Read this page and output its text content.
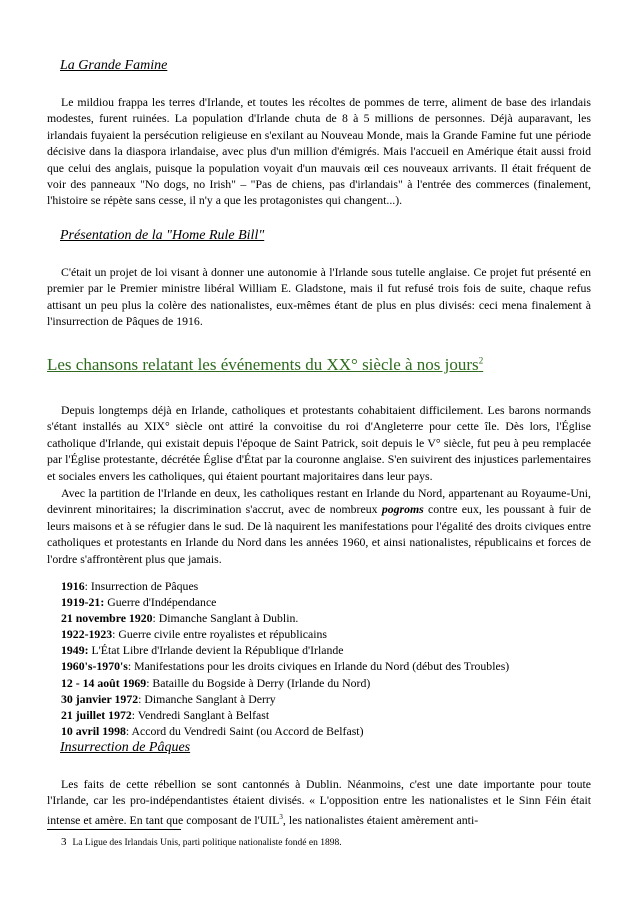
La Grande Famine

Le mildiou frappa les terres d'Irlande, et toutes les récoltes de pommes de terre, aliment de base des irlandais modestes, furent ruinées. La population d'Irlande chuta de 8 à 5 millions de personnes. Déjà auparavant, les irlandais fuyaient la persécution religieuse en s'exilant au Nouveau Monde, mais la Grande Famine fut une période décisive dans la diaspora irlandaise, avec plus d'un million d'émigrés. Mais l'accueil en Amérique était aussi froid que celui des anglais, puisque la population voyait d'un mauvais œil ces nouveaux arrivants. Il était fréquent de voir des panneaux "No dogs, no Irish" – "Pas de chiens, pas d'irlandais" à l'entrée des commerces (finalement, l'histoire se répète sans cesse, il n'y a que les protagonistes qui changent...).

Présentation de la "Home Rule Bill"

C'était un projet de loi visant à donner une autonomie à l'Irlande sous tutelle anglaise. Ce projet fut présenté en premier par le Premier ministre libéral William E. Gladstone, mais il fut refusé trois fois de suite, chaque refus attisant un peu plus la colère des nationalistes, eux-mêmes étant de plus en plus divisés: ceci mena finalement à l'insurrection de Pâques de 1916.

Les chansons relatant les événements du XX° siècle à nos jours$^2$

Depuis longtemps déjà en Irlande, catholiques et protestants cohabitaient difficilement. Les barons normands s'étant installés au XIX° siècle ont attiré la convoitise du roi d'Angleterre pour cette île. Dès lors, l'Église catholique d'Irlande, qui existait depuis l'époque de Saint Patrick, soit depuis le V° siècle, fut peu à peu remplacée par l'Église protestante, décrétée Église d'État par la couronne anglaise. S'en suivirent des injustices parlementaires et sociales envers les catholiques, qui étaient pourtant majoritaires dans leur pays.

Avec la partition de l'Irlande en deux, les catholiques restant en Irlande du Nord, appartenant au Royaume-Uni, devinrent minoritaires; la discrimination s'accrut, avec de nombreux pogroms contre eux, les poussant à fuir de leurs maisons et à se réfugier dans le sud. De là naquirent les manifestations pour l'égalité des droits civiques entre catholiques et protestants en Irlande du Nord dans les années 1960, et ainsi nationalistes, républicains et forces de l'ordre s'affrontèrent plus que jamais.

1916: Insurrection de Pâques
1919-21: Guerre d'Indépendance
21 novembre 1920: Dimanche Sanglant à Dublin.
1922-1923: Guerre civile entre royalistes et républicains
1949: L'État Libre d'Irlande devient la République d'Irlande
1960's-1970's: Manifestations pour les droits civiques en Irlande du Nord (début des Troubles)
12 - 14 août 1969: Bataille du Bogside à Derry (Irlande du Nord)
30 janvier 1972: Dimanche Sanglant à Derry
21 juillet 1972: Vendredi Sanglant à Belfast
10 avril 1998: Accord du Vendredi Saint (ou Accord de Belfast)
Insurrection de Pâques

Les faits de cette rébellion se sont cantonnés à Dublin. Néanmoins, c'est une date importante pour toute l'Irlande, car les pro-indépendantistes étaient divisés. « L'opposition entre les nationalistes et le Sinn Féin était intense et amère. En tant que composant de l'UIL$^3$, les nationalistes étaient amèrement anti-

3 La Ligue des Irlandais Unis, parti politique nationaliste fondé en 1898.
